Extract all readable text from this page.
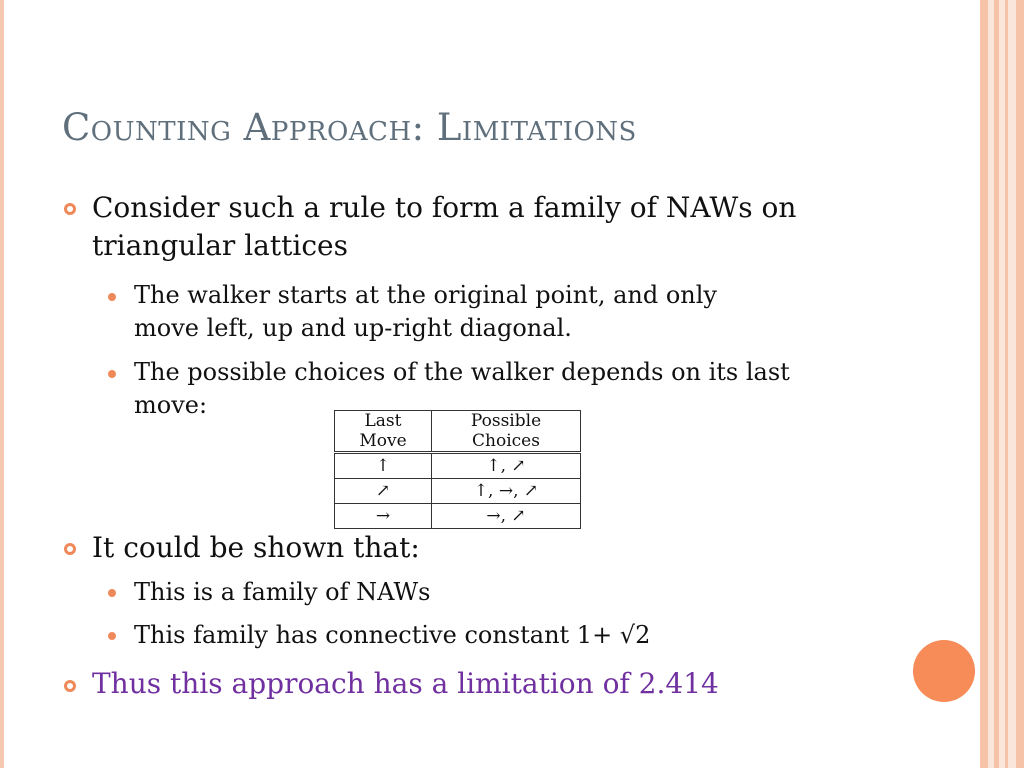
Counting Approach: Limitations
Consider such a rule to form a family of NAWs on
triangular lattices
The walker starts at the original point, and only
move left, up and up-right diagonal.
The possible choices of the walker depends on its last
move:
Last Move	Possible Choices
↑	↑, ↗
↗	↑, →, ↗
→	→, ↗
It could be shown that:
This is a family of NAWs
This family has connective constant 1+ √2
Thus this approach has a limitation of 2.414
